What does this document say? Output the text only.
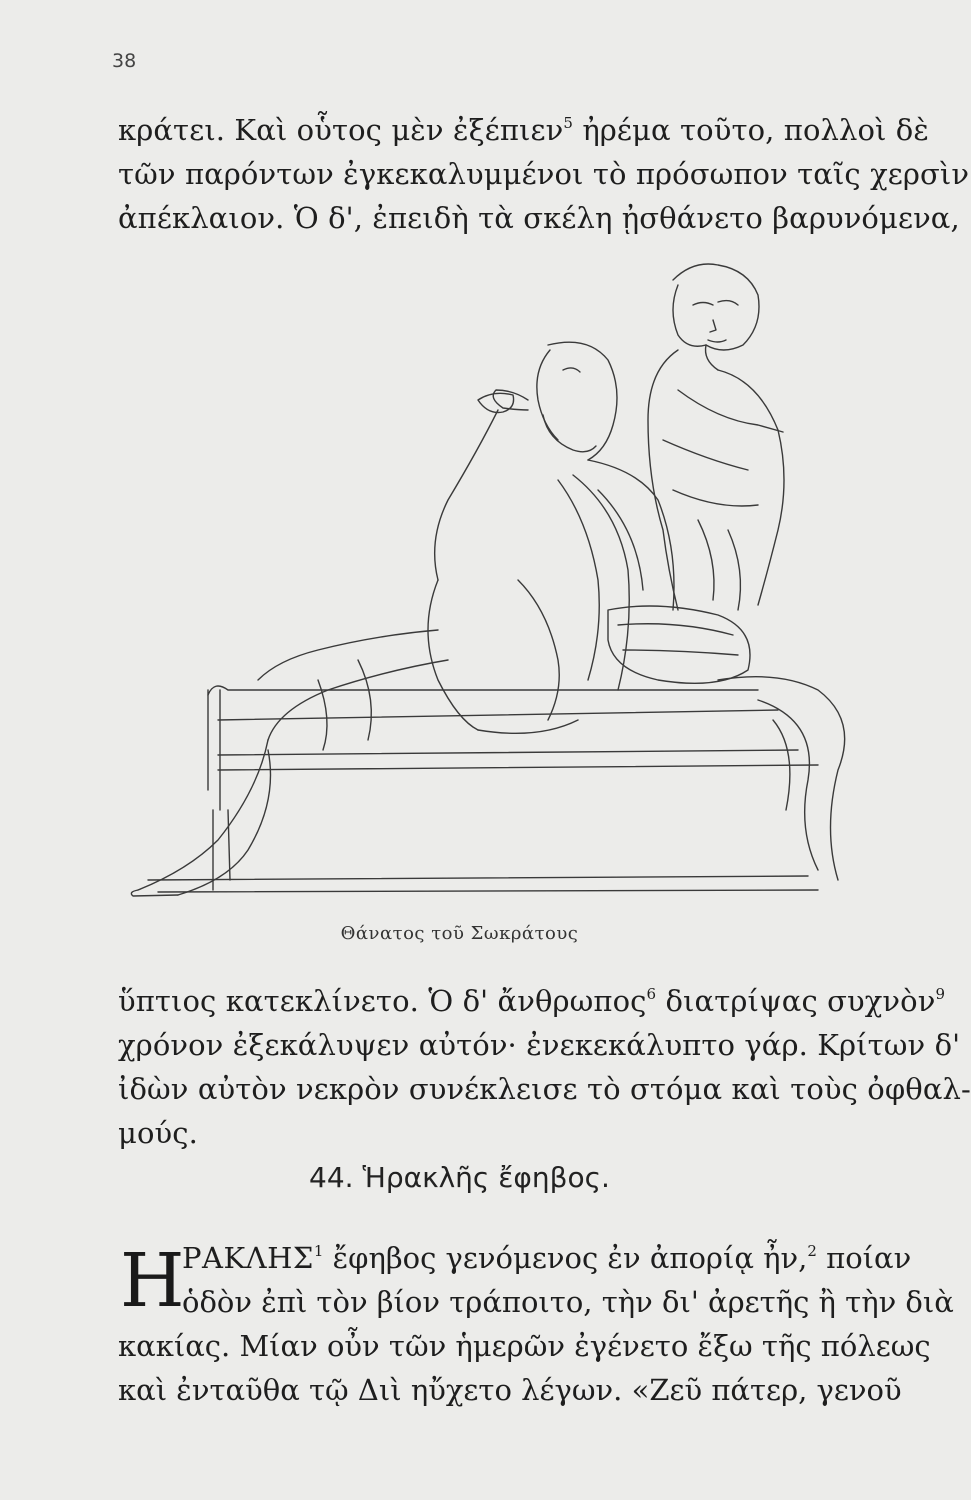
38
κράτει. Καὶ οὗτος μὲν ἐξέπιεν$^5$ ἠρέμα τοῦτο, πολλοὶ δὲ
τῶν παρόντων ἐγκεκαλυμμένοι τὸ πρόσωπον ταῖς χερσὶν
ἀπέκλαιον. Ὁ δ', ἐπειδὴ τὰ σκέλη ᾐσθάνετο βαρυνόμενα,
Θάνατος τοῦ Σωκράτους
ὕπτιος κατεκλίνετο. Ὁ δ' ἄνθρωπος$^6$ διατρίψας συχνὸν$^9$
χρόνον ἐξεκάλυψεν αὐτόν· ἐνεκεκάλυπτο γάρ. Κρίτων δ'
ἰδὼν αὐτὸν νεκρὸν συνέκλεισε τὸ στόμα καὶ τοὺς ὀφθαλ-
μούς.
44. Ἡρακλῆς ἔφηβος.
H
ΡΑΚΛΗΣ$^1$ ἔφηβος γενόμενος ἐν ἀπορίᾳ ἦν,$^2$ ποίαν
ὁδὸν ἐπὶ τὸν βίον τράποιτο, τὴν δι' ἀρετῆς ἢ τὴν διὰ
κακίας. Μίαν οὖν τῶν ἡμερῶν ἐγένετο ἔξω τῆς πόλεως
καὶ ἐνταῦθα τῷ Διὶ ηὔχετο λέγων. «Ζεῦ πάτερ, γενοῦ
